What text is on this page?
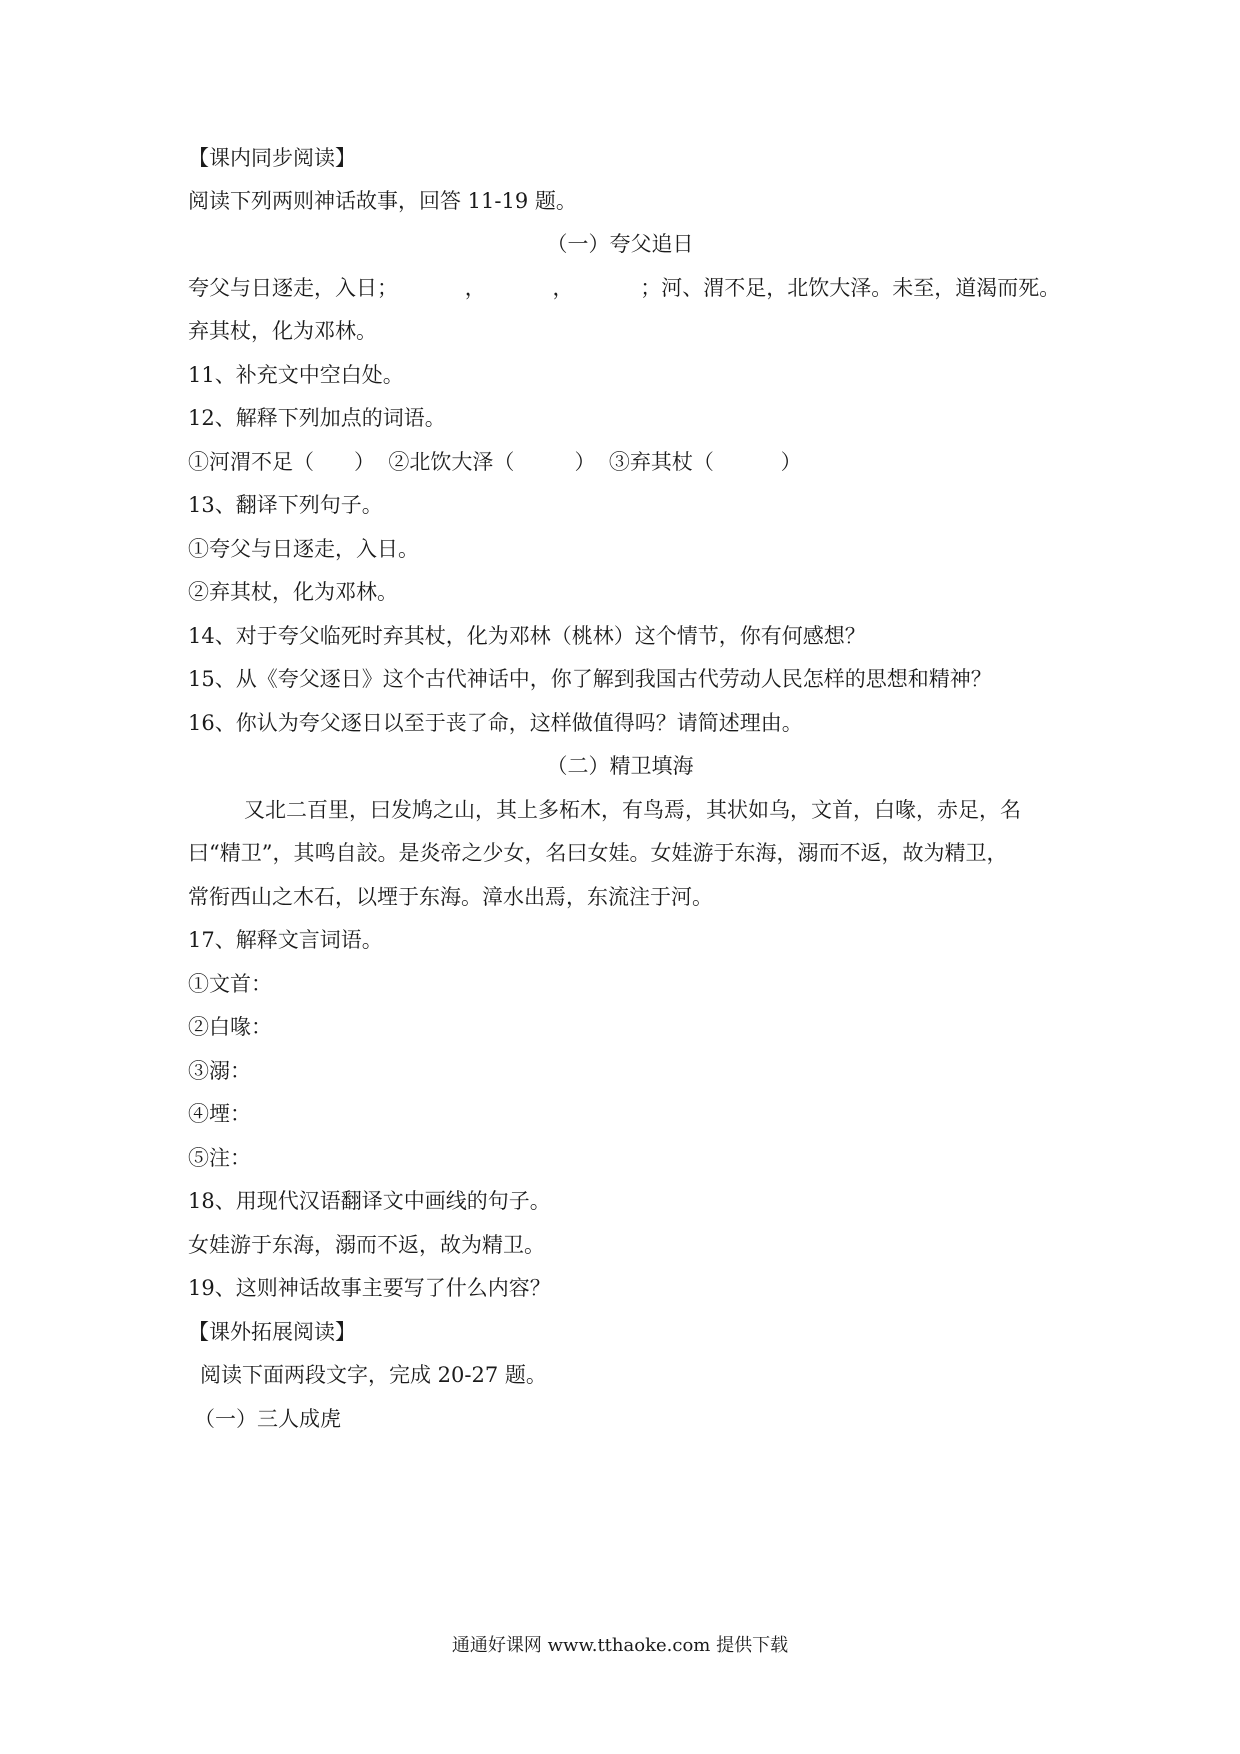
【课内同步阅读】
阅读下列两则神话故事，回答 11-19 题。
（一）夸父追日
夸父与日逐走，入日；          ，          ，          ；河、渭不足，北饮大泽。未至，道渴而死。
弃其杖，化为邓林。
11、补充文中空白处。
12、解释下列加点的词语。
①河渭不足（      ）  ②北饮大泽（         ）  ③弃其杖（          ）
13、翻译下列句子。
①夸父与日逐走，入日。
②弃其杖，化为邓林。
14、对于夸父临死时弃其杖，化为邓林（桃林）这个情节，你有何感想？
15、从《夸父逐日》这个古代神话中，你了解到我国古代劳动人民怎样的思想和精神？
16、你认为夸父逐日以至于丧了命，这样做值得吗？请简述理由。
（二）精卫填海
又北二百里，曰发鸠之山，其上多柘木，有鸟焉，其状如乌，文首，白喙，赤足，名
曰“精卫”，其鸣自詨。是炎帝之少女，名曰女娃。女娃游于东海，溺而不返，故为精卫，
常衔西山之木石，以堙于东海。漳水出焉，东流注于河。
17、解释文言词语。
①文首：
②白喙：
③溺：
④堙：
⑤注：
18、用现代汉语翻译文中画线的句子。
女娃游于东海，溺而不返，故为精卫。
19、这则神话故事主要写了什么内容？
【课外拓展阅读】
阅读下面两段文字，完成 20-27 题。
（一）三人成虎
通通好课网 www.tthaoke.com 提供下载
